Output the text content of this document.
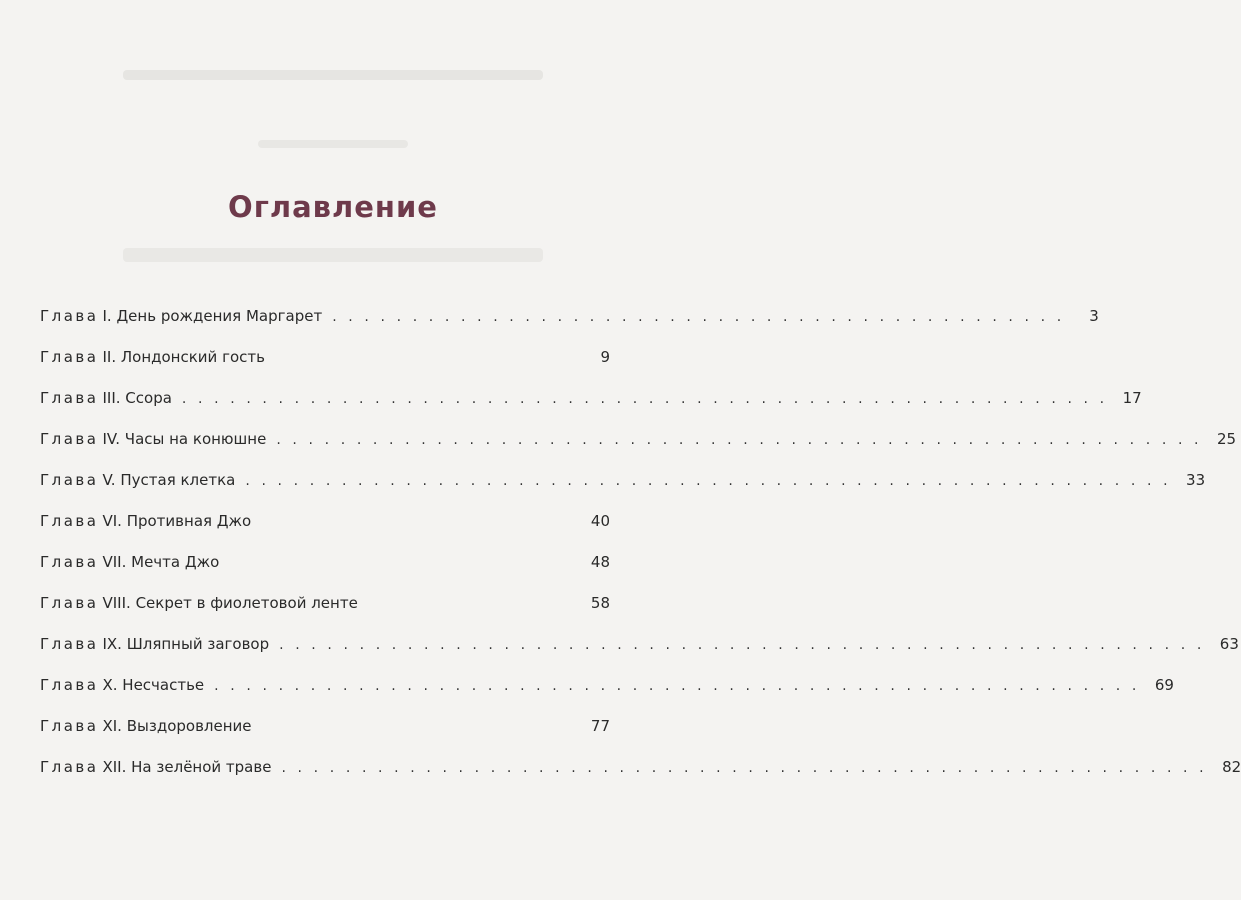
Оглавление
Глава I. День рождения Маргарет . . . . . . . . . . . . . . . . . . . . . . . . . . . . . . . . . . . . . . . . . . . . . .	3
Глава II. Лондонский гость	9
Глава III. Ссора . . . . . . . . . . . . . . . . . . . . . . . . . . . . . . . . . . . . . . . . . . . . . . . . . . . . . . . . . . 17
Глава IV. Часы на конюшне . . . . . . . . . . . . . . . . . . . . . . . . . . . . . . . . . . . . . . . . . . . . . . . . . . . . . . . . . . 25
Глава V. Пустая клетка . . . . . . . . . . . . . . . . . . . . . . . . . . . . . . . . . . . . . . . . . . . . . . . . . . . . . . . . . . 33
Глава VI. Противная Джо	40
Глава VII. Мечта Джо	48
Глава VIII. Секрет в фиолетовой ленте	58
Глава IX. Шляпный заговор . . . . . . . . . . . . . . . . . . . . . . . . . . . . . . . . . . . . . . . . . . . . . . . . . . . . . . . . . . 63
Глава X. Несчастье . . . . . . . . . . . . . . . . . . . . . . . . . . . . . . . . . . . . . . . . . . . . . . . . . . . . . . . . . . 69
Глава XI. Выздоровление	77
Глава XII. На зелёной траве . . . . . . . . . . . . . . . . . . . . . . . . . . . . . . . . . . . . . . . . . . . . . . . . . . . . . . . . . . 82
